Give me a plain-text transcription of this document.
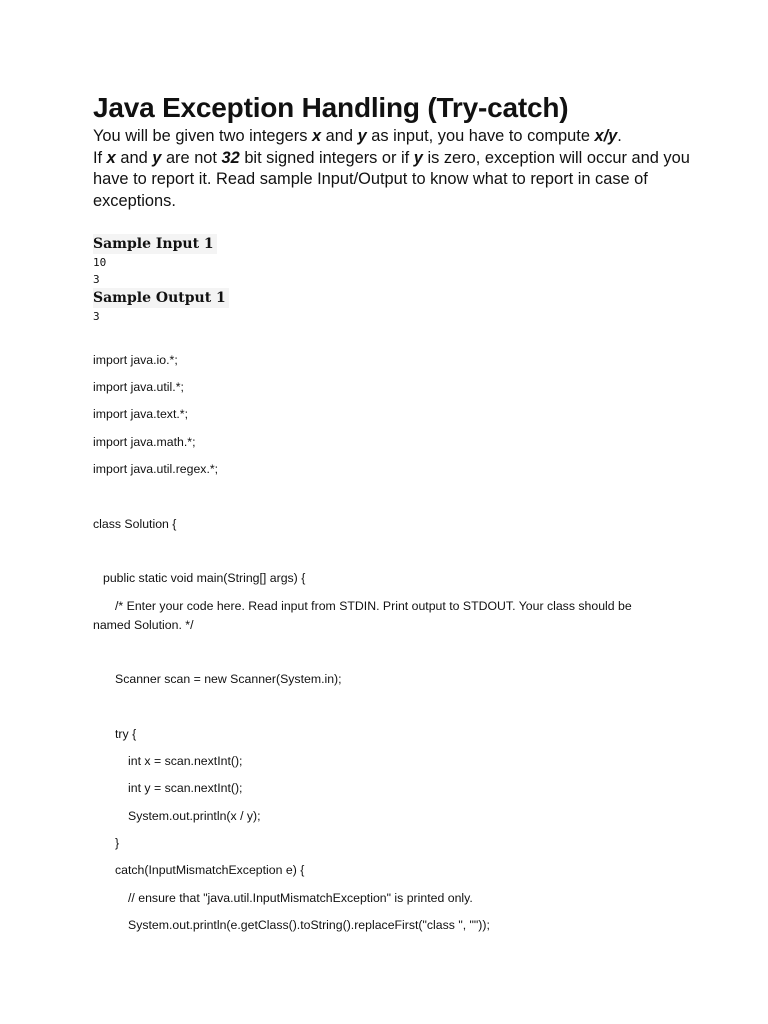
Java Exception Handling (Try-catch)

You will be given two integers x and y as input, you have to compute x/y.
If x and y are not 32 bit signed integers or if y is zero, exception will occur and you have to report it. Read sample Input/Output to know what to report in case of exceptions.

Sample Input 1
10
3
Sample Output 1
3
import java.io.*;
import java.util.*;
import java.text.*;
import java.math.*;
import java.util.regex.*;
class Solution {
public static void main(String[] args) {
/* Enter your code here. Read input from STDIN. Print output to STDOUT. Your class should be
named Solution. */
Scanner scan = new Scanner(System.in);
try {
int x = scan.nextInt();
int y = scan.nextInt();
System.out.println(x / y);
}
catch(InputMismatchException e) {
// ensure that "java.util.InputMismatchException" is printed only.
System.out.println(e.getClass().toString().replaceFirst("class ", ""));
